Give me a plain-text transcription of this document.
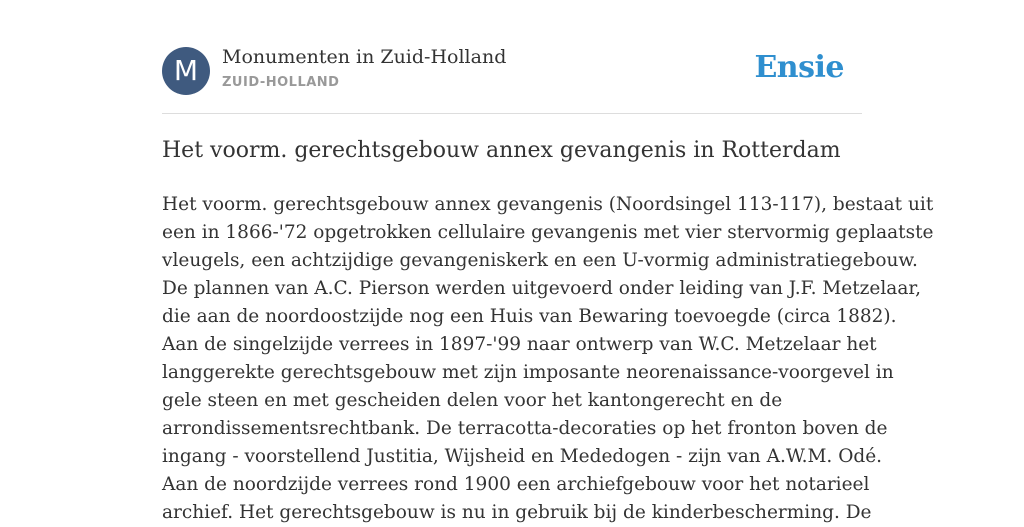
M	Monumenten in Zuid-Holland
ZUID-HOLLAND	Ensie
Het voorm. gerechtsgebouw annex gevangenis in Rotterdam
Het voorm. gerechtsgebouw annex gevangenis (Noordsingel 113-117), bestaat uit
een in 1866-'72 opgetrokken cellulaire gevangenis met vier stervormig geplaatste
vleugels, een achtzijdige gevangeniskerk en een U-vormig administratiegebouw.
De plannen van A.C. Pierson werden uitgevoerd onder leiding van J.F. Metzelaar,
die aan de noordoostzijde nog een Huis van Bewaring toevoegde (circa 1882).
Aan de singelzijde verrees in 1897-'99 naar ontwerp van W.C. Metzelaar het
langgerekte gerechtsgebouw met zijn imposante neorenaissance-voorgevel in
gele steen en met gescheiden delen voor het kantongerecht en de
arrondissementsrechtbank. De terracotta-decoraties op het fronton boven de
ingang - voorstellend Justitia, Wijsheid en Mededogen - zijn van A.W.M. Odé.
Aan de noordzijde verrees rond 1900 een archiefgebouw voor het notarieel
archief. Het gerechtsgebouw is nu in gebruik bij de kinderbescherming. De
